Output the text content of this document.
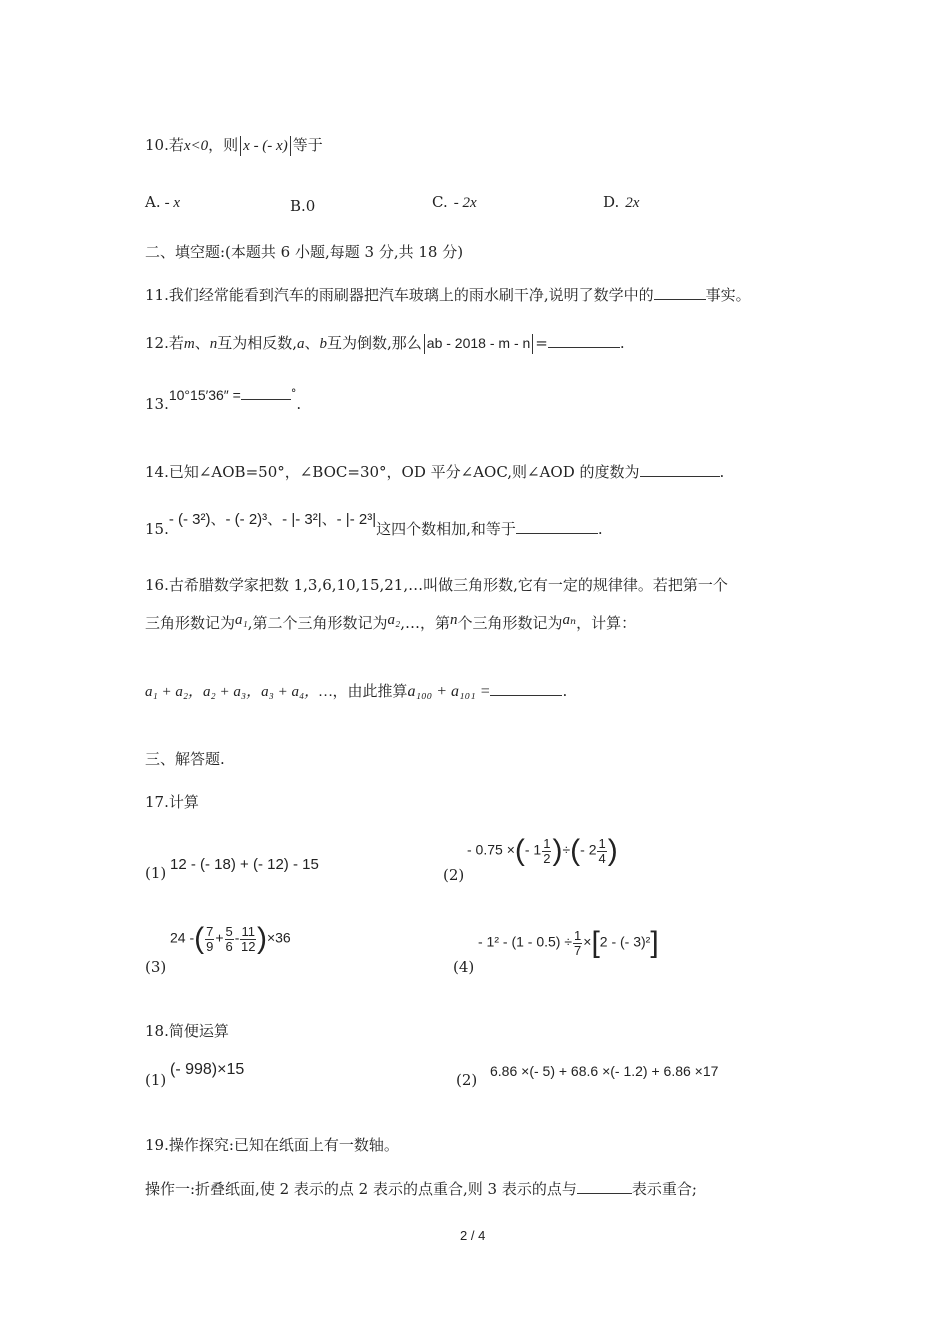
10.若x<0，则 x - (- x) 等于
A. - x	B.0	C. - 2x	D. 2x
二、填空题:(本题共 6 小题,每题 3 分,共 18 分)
11.我们经常能看到汽车的雨刷器把汽车玻璃上的雨水刷干净,说明了数学中的	事实。
12.若m、n互为相反数,a、b互为倒数,那么 ab - 2018 - m - n =	.
13.10°15′36″ =	°.
14.已知∠AOB=50°，∠BOC=30°，OD 平分∠AOC,则∠AOD 的度数为	.
15.- (- 3²)、- (- 2)³、- |- 3²|、- |- 2³|这四个数相加,和等于	.
16.古希腊数学家把数 1,3,6,10,15,21,…叫做三角形数,它有一定的规律律。若把第一个
三角形数记为a₁,第二个三角形数记为a₂,…，第n个三角形数记为aₙ，计算：
a₁ + a₂，a₂ + a₃，a₃ + a₄，…，由此推算a₁₀₀ + a₁₀₁ =	.
三、解答题.
17.计算
(1) 12 - (- 18) + (- 12) - 15
(2)
- 0.75 ×(- $1 \frac{1}{2}$ )÷(- $2 \frac{1}{4}$ )
(3)
24 -( $\frac{7}{9} + \frac{5}{6} - \frac{11}{12} )\times 36$
(4)
- $1^2 - (1 - 0.5) \div \frac{1}{7} \times[2$ - (- 3)²]
18.简便运算
(1)
(- 998)×15
(2) 6.86 ×(- 5) + 68.6 ×(- 1.2) + 6.86 ×17
19.操作探究:已知在纸面上有一数轴。
操作一:折叠纸面,使 2 表示的点 2 表示的点重合,则 3 表示的点与	表示重合;
2 / 4
